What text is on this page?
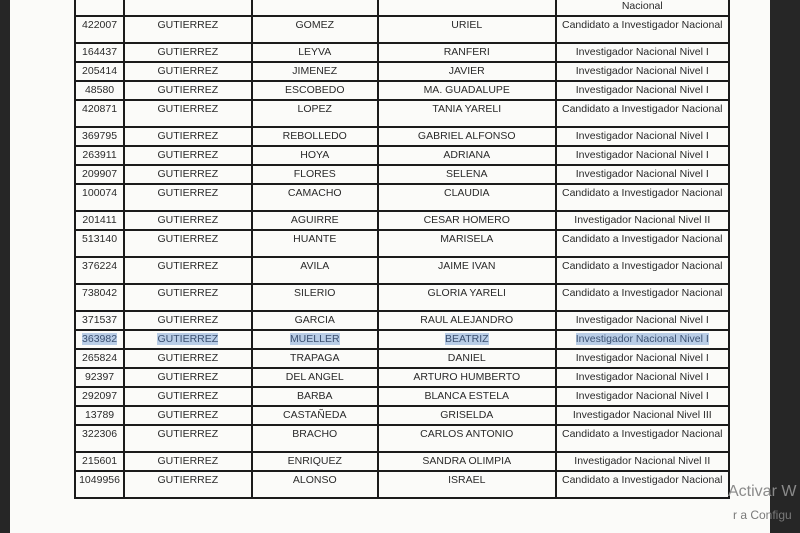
				Nacional

422007	GUTIERREZ	GOMEZ	URIEL	Candidato a Investigador Nacional

164437	GUTIERREZ	LEYVA	RANFERI	Investigador Nacional Nivel I

205414	GUTIERREZ	JIMENEZ	JAVIER	Investigador Nacional Nivel I

48580	GUTIERREZ	ESCOBEDO	MA. GUADALUPE	Investigador Nacional Nivel I

420871	GUTIERREZ	LOPEZ	TANIA YARELI	Candidato a Investigador Nacional

369795	GUTIERREZ	REBOLLEDO	GABRIEL ALFONSO	Investigador Nacional Nivel I

263911	GUTIERREZ	HOYA	ADRIANA	Investigador Nacional Nivel I

209907	GUTIERREZ	FLORES	SELENA	Investigador Nacional Nivel I

100074	GUTIERREZ	CAMACHO	CLAUDIA	Candidato a Investigador Nacional

201411	GUTIERREZ	AGUIRRE	CESAR HOMERO	Investigador Nacional Nivel II

513140	GUTIERREZ	HUANTE	MARISELA	Candidato a Investigador Nacional

376224	GUTIERREZ	AVILA	JAIME IVAN	Candidato a Investigador Nacional

738042	GUTIERREZ	SILERIO	GLORIA YARELI	Candidato a Investigador Nacional

371537	GUTIERREZ	GARCIA	RAUL ALEJANDRO	Investigador Nacional Nivel I

363982	GUTIERREZ	MUELLER	BEATRIZ	Investigador Nacional Nivel I

265824	GUTIERREZ	TRAPAGA	DANIEL	Investigador Nacional Nivel I

92397	GUTIERREZ	DEL ANGEL	ARTURO HUMBERTO	Investigador Nacional Nivel I

292097	GUTIERREZ	BARBA	BLANCA ESTELA	Investigador Nacional Nivel I

13789	GUTIERREZ	CASTAÑEDA	GRISELDA	Investigador Nacional Nivel III

322306	GUTIERREZ	BRACHO	CARLOS ANTONIO	Candidato a Investigador Nacional

215601	GUTIERREZ	ENRIQUEZ	SANDRA OLIMPIA	Investigador Nacional Nivel II

1049956	GUTIERREZ	ALONSO	ISRAEL	Candidato a Investigador Nacional
Activar W
r a Configu
